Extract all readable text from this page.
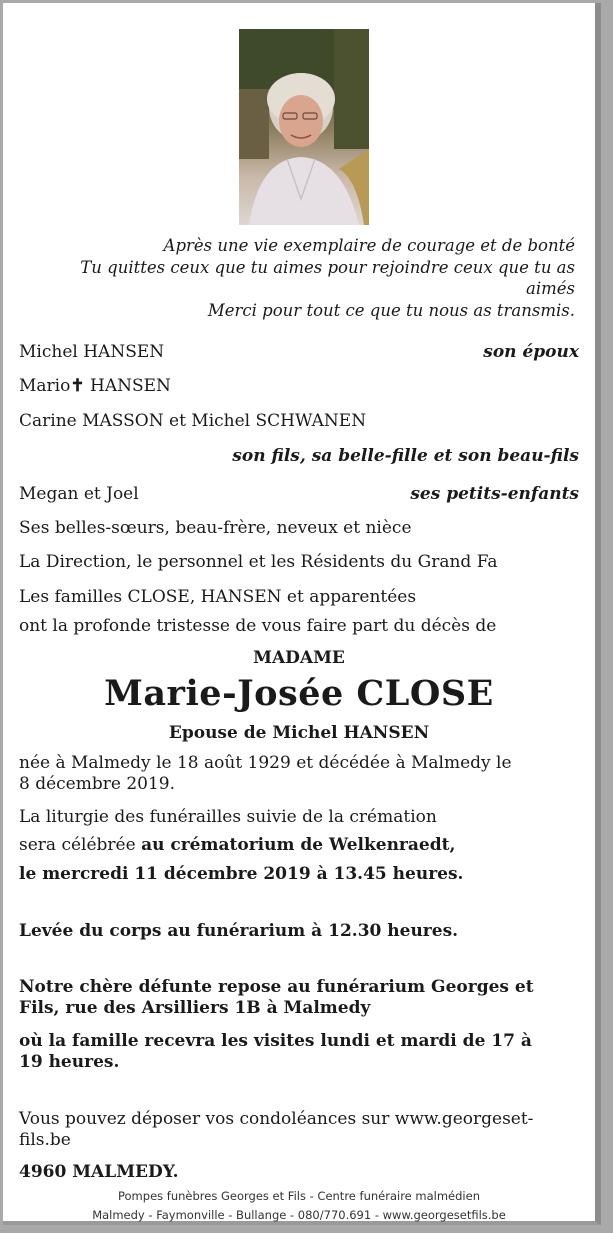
Après une vie exemplaire de courage et de bonté
Tu quittes ceux que tu aimes pour rejoindre ceux que tu as aimés
Merci pour tout ce que tu nous as transmis.
Michel HANSEN	son époux
Mario✝ HANSEN
Carine MASSON et Michel SCHWANEN
son fils, sa belle-fille et son beau-fils
Megan et Joel	ses petits-enfants
Ses belles-sœurs, beau-frère, neveux et nièce
La Direction, le personnel et les Résidents du Grand Fa
Les familles CLOSE, HANSEN et apparentées
ont la profonde tristesse de vous faire part du décès de
MADAME
Marie-Josée CLOSE
Epouse de Michel HANSEN
née à Malmedy le 18 août 1929 et décédée à Malmedy le
8 décembre 2019.
La liturgie des funérailles suivie de la crémation
sera célébrée au crématorium de Welkenraedt,
le mercredi 11 décembre 2019 à 13.45 heures.
Levée du corps au funérarium à 12.30 heures.
Notre chère défunte repose au funérarium Georges et
Fils, rue des Arsilliers 1B à Malmedy
où la famille recevra les visites lundi et mardi de 17 à
19 heures.
Vous pouvez déposer vos condoléances sur www.georgeset-
fils.be
4960 MALMEDY.
Pompes funèbres Georges et Fils - Centre funéraire malmédien
Malmedy - Faymonville - Bullange - 080/770.691 - www.georgesetfils.be
